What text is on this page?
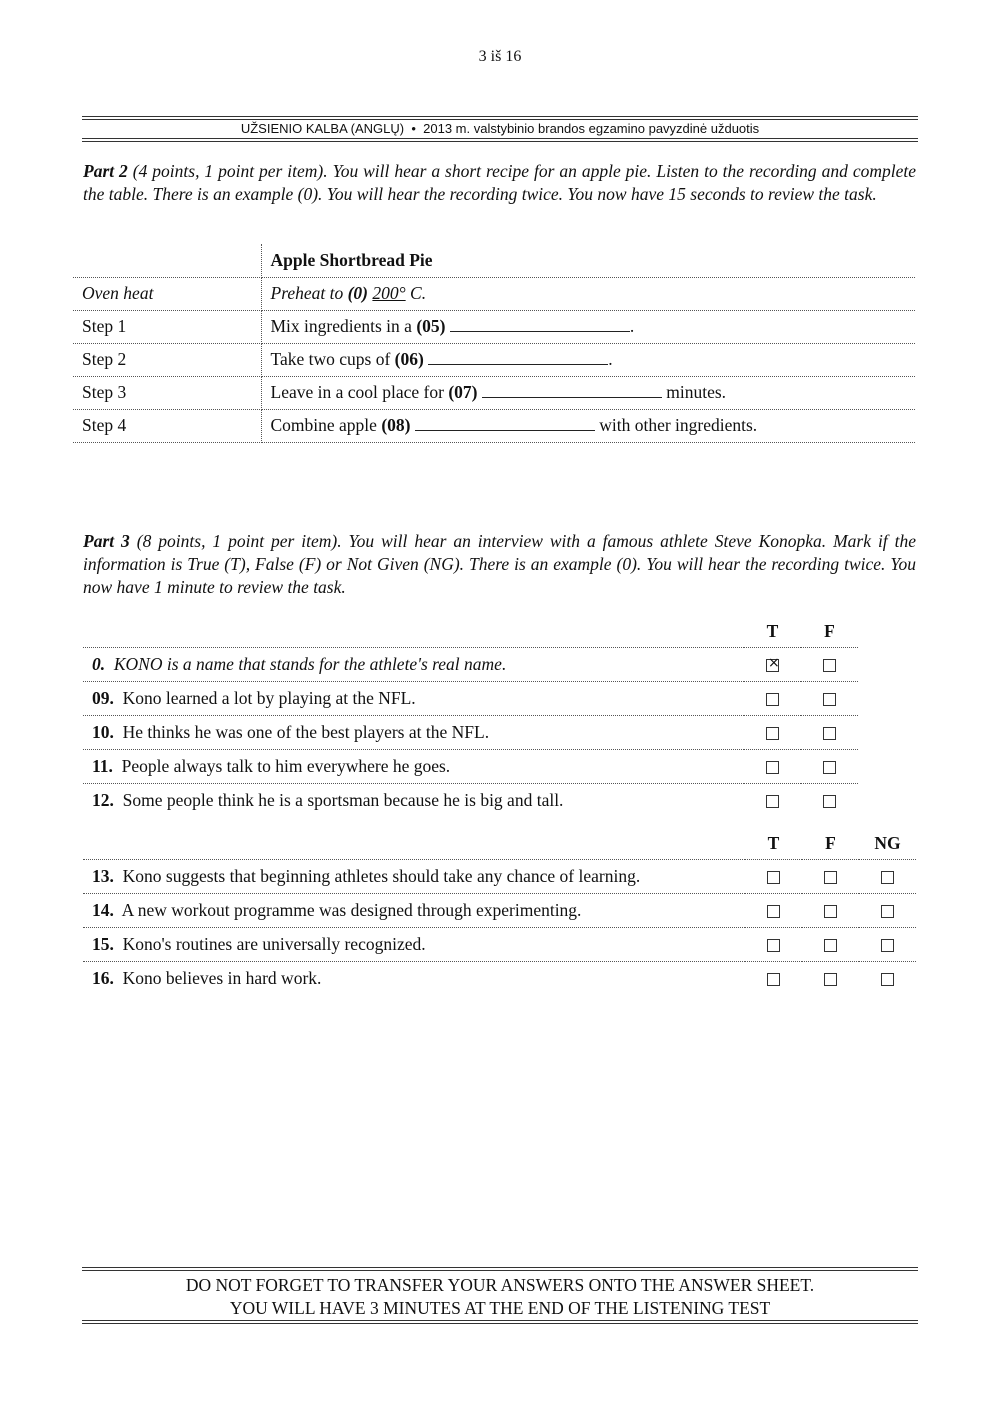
3 iš 16
UŽSIENIO KALBA (ANGLŲ) • 2013 m. valstybinio brandos egzamino pavyzdinė užduotis
Part 2 (4 points, 1 point per item). You will hear a short recipe for an apple pie. Listen to the recording and complete the table. There is an example (0). You will hear the recording twice. You now have 15 seconds to review the task.
	Apple Shortbread Pie
Oven heat	Preheat to (0) 200° C.
Step 1	Mix ingredients in a (05) .
Step 2	Take two cups of (06) .
Step 3	Leave in a cool place for (07) minutes.
Step 4	Combine apple (08) with other ingredients.
Part 3 (8 points, 1 point per item). You will hear an interview with a famous athlete Steve Konopka. Mark if the information is True (T), False (F) or Not Given (NG). There is an example (0). You will hear the recording twice. You now have 1 minute to review the task.
	T	F
0. KONO is a name that stands for the athlete's real name.	×	
09. Kono learned a lot by playing at the NFL.		
10. He thinks he was one of the best players at the NFL.		
11. People always talk to him everywhere he goes.		
12. Some people think he is a sportsman because he is big and tall.		
	T	F	NG
13. Kono suggests that beginning athletes should take any chance of learning.			
14. A new workout programme was designed through experimenting.			
15. Kono's routines are universally recognized.			
16. Kono believes in hard work.			
DO NOT FORGET TO TRANSFER YOUR ANSWERS ONTO THE ANSWER SHEET.
YOU WILL HAVE 3 MINUTES AT THE END OF THE LISTENING TEST
